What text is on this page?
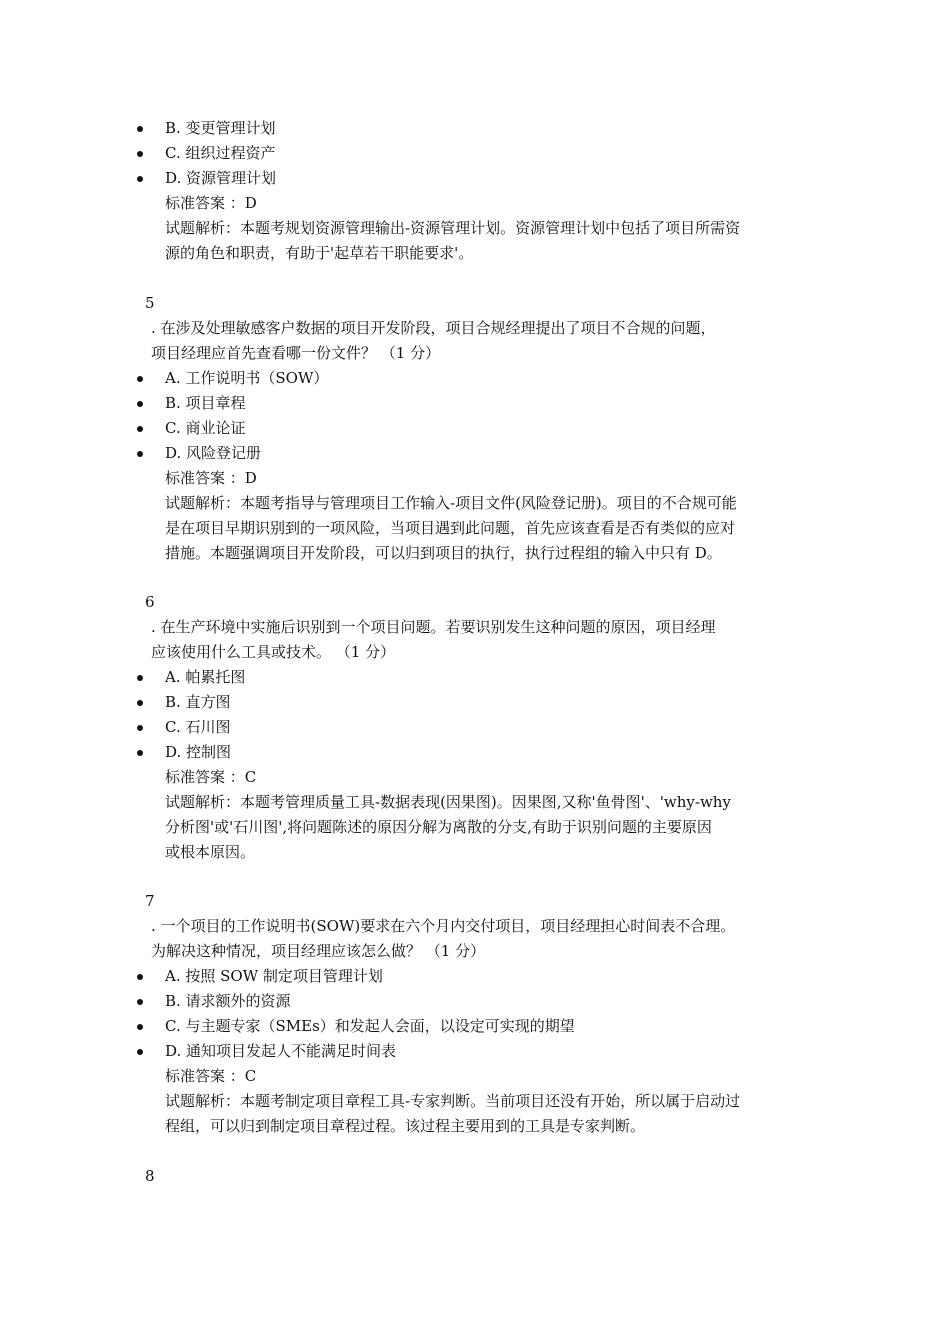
B. 变更管理计划
C. 组织过程资产
D. 资源管理计划
标准答案 ：D
试题解析：本题考规划资源管理输出-资源管理计划。资源管理计划中包括了项目所需资
源的角色和职责，有助于'起草若干职能要求'。
5
. 在涉及处理敏感客户数据的项目开发阶段，项目合规经理提出了项目不合规的问题，
项目经理应首先查看哪一份文件？ （1 分）
A. 工作说明书（SOW）
B. 项目章程
C. 商业论证
D. 风险登记册
标准答案 ：D
试题解析：本题考指导与管理项目工作输入-项目文件(风险登记册)。项目的不合规可能
是在项目早期识别到的一项风险，当项目遇到此问题，首先应该查看是否有类似的应对
措施。本题强调项目开发阶段，可以归到项目的执行，执行过程组的输入中只有 D。
6
. 在生产环境中实施后识别到一个项目问题。若要识别发生这种问题的原因，项目经理
应该使用什么工具或技术。 （1 分）
A. 帕累托图
B. 直方图
C. 石川图
D. 控制图
标准答案 ：C
试题解析：本题考管理质量工具-数据表现(因果图)。因果图,又称'鱼骨图'、'why-why
分析图'或'石川图',将问题陈述的原因分解为离散的分支,有助于识别问题的主要原因
或根本原因。
7
. 一个项目的工作说明书(SOW)要求在六个月内交付项目，项目经理担心时间表不合理。
为解决这种情况，项目经理应该怎么做？ （1 分）
A. 按照 SOW 制定项目管理计划
B. 请求额外的资源
C. 与主题专家（SMEs）和发起人会面，以设定可实现的期望
D. 通知项目发起人不能满足时间表
标准答案 ：C
试题解析：本题考制定项目章程工具-专家判断。当前项目还没有开始，所以属于启动过
程组，可以归到制定项目章程过程。该过程主要用到的工具是专家判断。
8
